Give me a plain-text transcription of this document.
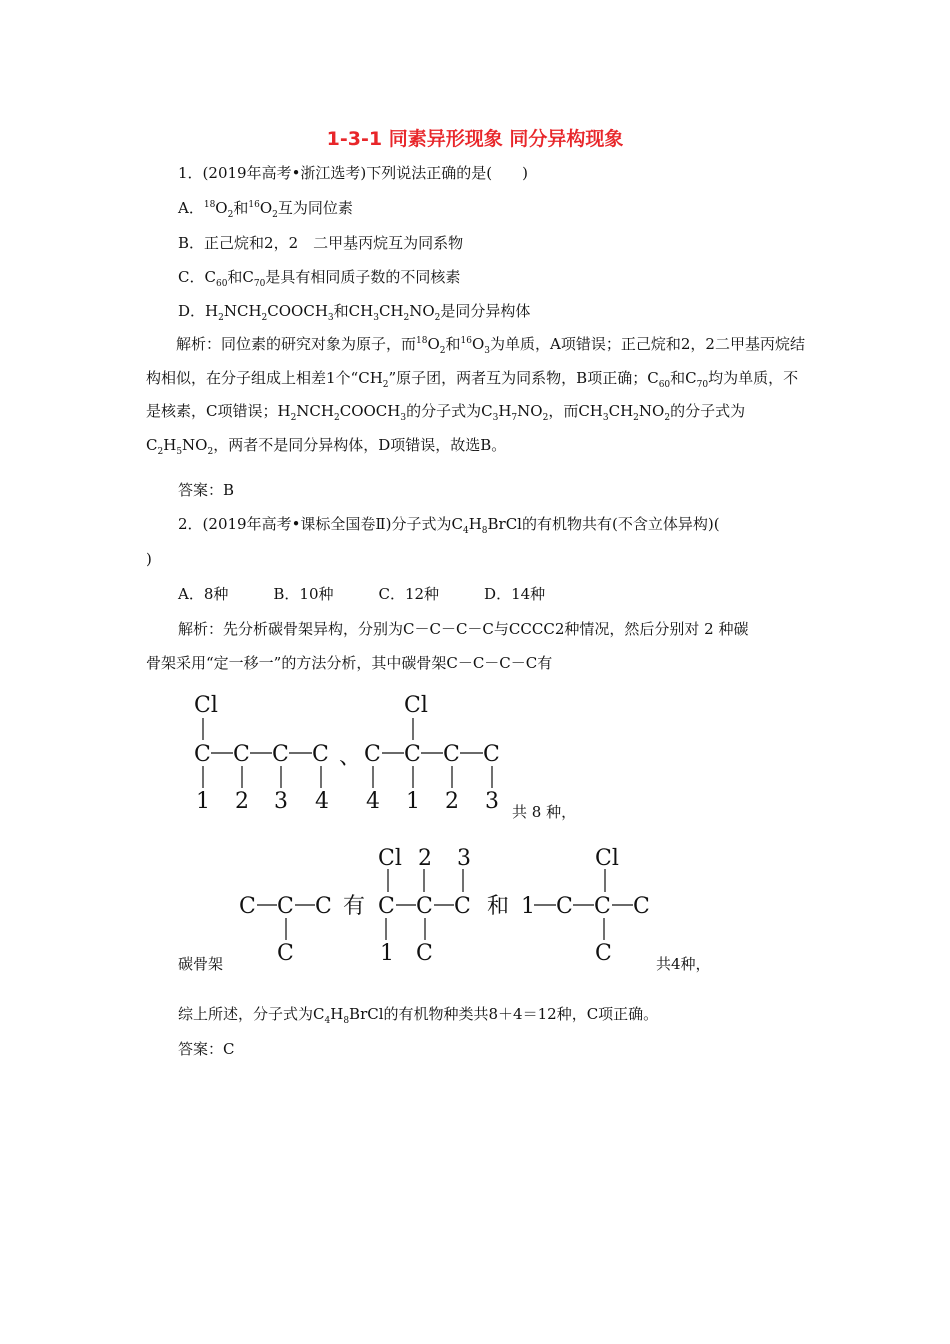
1-3-1 同素异形现象 同分异构现象
1．(2019年高考•浙江选考)下列说法正确的是(　　)
A．$^{18}O_2$和$^{16}O_2$互为同位素
B．正己烷和2，2　二甲基丙烷互为同系物
C．$C_{60}$和$C_{70}$是具有相同质子数的不同核素
D．$H_2NCH_2COOCH_3$和$CH_3CH_2NO_2$是同分异构体
解析：同位素的研究对象为原子，而$^{18}O_2$和$^{16}O_3$为单质，A项错误；正己烷和2，2二甲基丙烷结构相似，在分子组成上相差1个“$CH_2$”原子团，两者互为同系物，B项正确；$C_{60}$和$C_{70}$均为单质，不是核素，C项错误；$H_2NCH_2COOCH_3$的分子式为$C_3H_7NO_2$，而$CH_3CH_2NO_2$的分子式为$C_2H_5NO_2$，两者不是同分异构体，D项错误，故选B。
答案：B
2．(2019年高考•课标全国卷Ⅱ)分子式为$C_4H_8BrCl$的有机物共有(不含立体异构)(
)
A．8种　　　B．10种　　　C．12种　　　D．14种
解析：先分析碳骨架异构，分别为C－C－C－C与CCCC2种情况，然后分别对 2 种碳
骨架采用“定一移一”的方法分析，其中碳骨架C－C－C－C有
Cl
C C C C
1 2 3 4
、
Cl
C C C C
4 1 2 3
C C C
C
有
Cl 2 3
C C C
1 C
和
Cl
1 C C C
C
共 8 种，
碳骨架	共4种，
综上所述，分子式为$C_4H_8BrCl$的有机物种类共8＋4＝12种，C项正确。
答案：C
